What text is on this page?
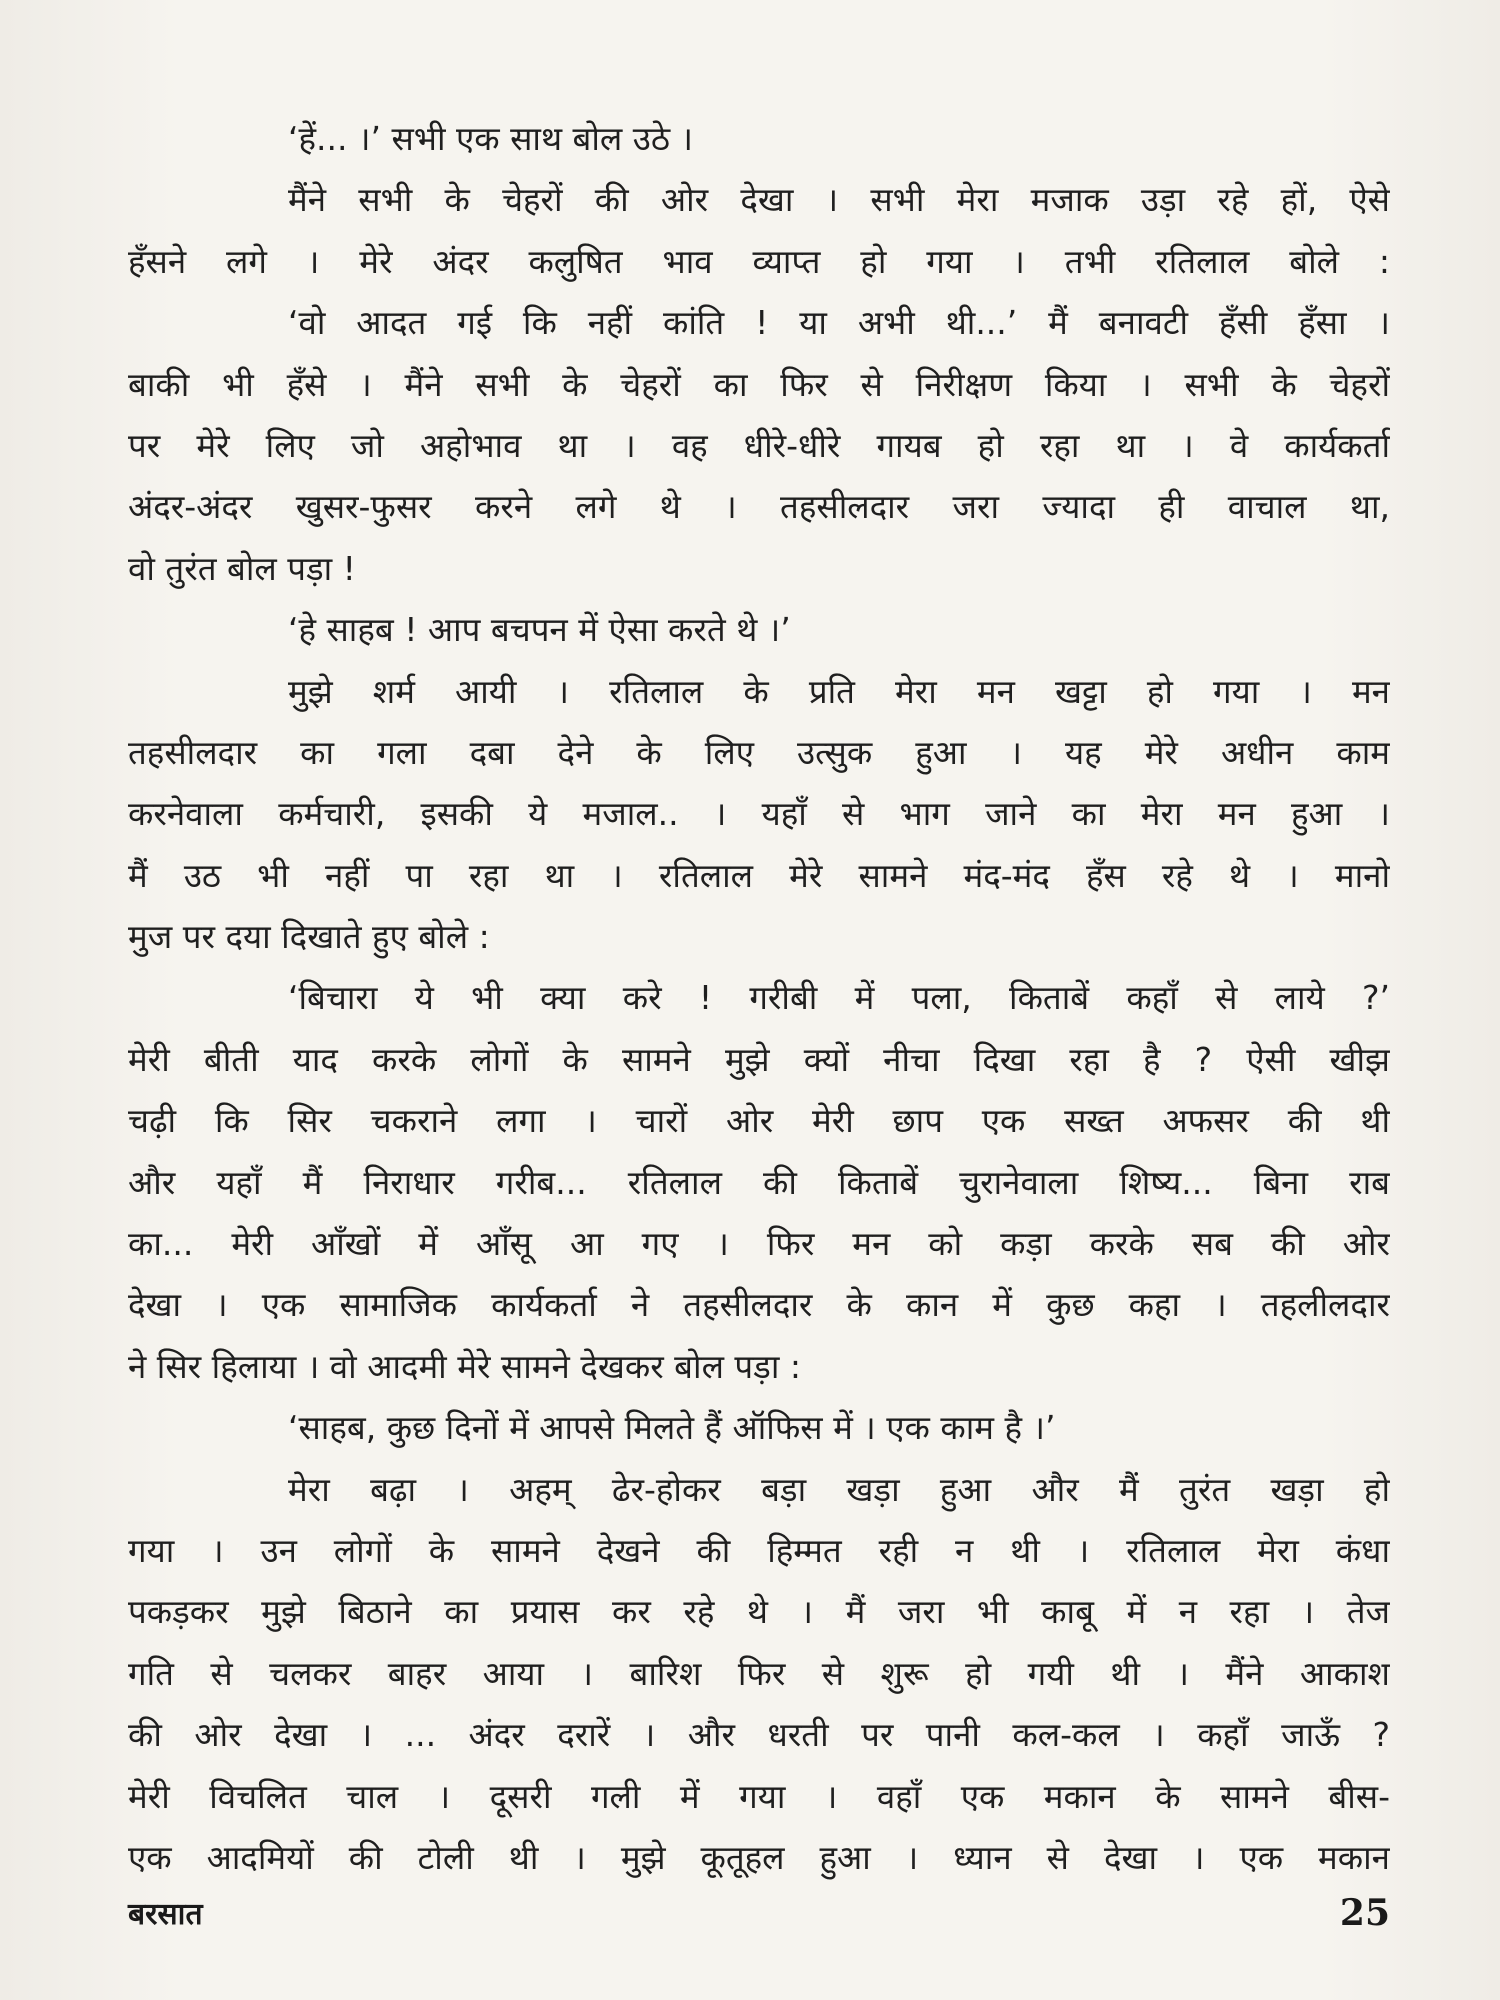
‘हें... ।’ सभी एक साथ बोल उठे ।
मैंने सभी के चेहरों की ओर देखा । सभी मेरा मजाक उड़ा रहे हों, ऐसे
हँसने लगे । मेरे अंदर कलुषित भाव व्याप्त हो गया । तभी रतिलाल बोले :
‘वो आदत गई कि नहीं कांति ! या अभी थी...’ मैं बनावटी हँसी हँसा ।
बाकी भी हँसे । मैंने सभी के चेहरों का फिर से निरीक्षण किया । सभी के चेहरों
पर मेरे लिए जो अहोभाव था । वह धीरे-धीरे गायब हो रहा था । वे कार्यकर्ता
अंदर-अंदर खुसर-फुसर करने लगे थे । तहसीलदार जरा ज्यादा ही वाचाल था,
वो तुरंत बोल पड़ा !
‘हे साहब ! आप बचपन में ऐसा करते थे ।’
मुझे शर्म आयी । रतिलाल के प्रति मेरा मन खट्टा हो गया । मन
तहसीलदार का गला दबा देने के लिए उत्सुक हुआ । यह मेरे अधीन काम
करनेवाला कर्मचारी, इसकी ये मजाल.. । यहाँ से भाग जाने का मेरा मन हुआ ।
मैं उठ भी नहीं पा रहा था । रतिलाल मेरे सामने मंद-मंद हँस रहे थे । मानो
मुज पर दया दिखाते हुए बोले :
‘बिचारा ये भी क्या करे ! गरीबी में पला, किताबें कहाँ से लाये ?’
मेरी बीती याद करके लोगों के सामने मुझे क्यों नीचा दिखा रहा है ? ऐसी खीझ
चढ़ी कि सिर चकराने लगा । चारों ओर मेरी छाप एक सख्त अफसर की थी
और यहाँ मैं निराधार गरीब... रतिलाल की किताबें चुरानेवाला शिष्य... बिना राब
का... मेरी आँखों में आँसू आ गए । फिर मन को कड़ा करके सब की ओर
देखा । एक सामाजिक कार्यकर्ता ने तहसीलदार के कान में कुछ कहा । तहलीलदार
ने सिर हिलाया । वो आदमी मेरे सामने देखकर बोल पड़ा :
‘साहब, कुछ दिनों में आपसे मिलते हैं ऑफिस में । एक काम है ।’
मेरा बढ़ा । अहम् ढेर-होकर बड़ा खड़ा हुआ और मैं तुरंत खड़ा हो
गया । उन लोगों के सामने देखने की हिम्मत रही न थी । रतिलाल मेरा कंधा
पकड़कर मुझे बिठाने का प्रयास कर रहे थे । मैं जरा भी काबू में न रहा । तेज
गति से चलकर बाहर आया । बारिश फिर से शुरू हो गयी थी । मैंने आकाश
की ओर देखा । ... अंदर दरारें । और धरती पर पानी कल-कल । कहाँ जाऊँ ?
मेरी विचलित चाल । दूसरी गली में गया । वहाँ एक मकान के सामने बीस-
एक आदमियों की टोली थी । मुझे कूतूहल हुआ । ध्यान से देखा । एक मकान
बरसात	25
